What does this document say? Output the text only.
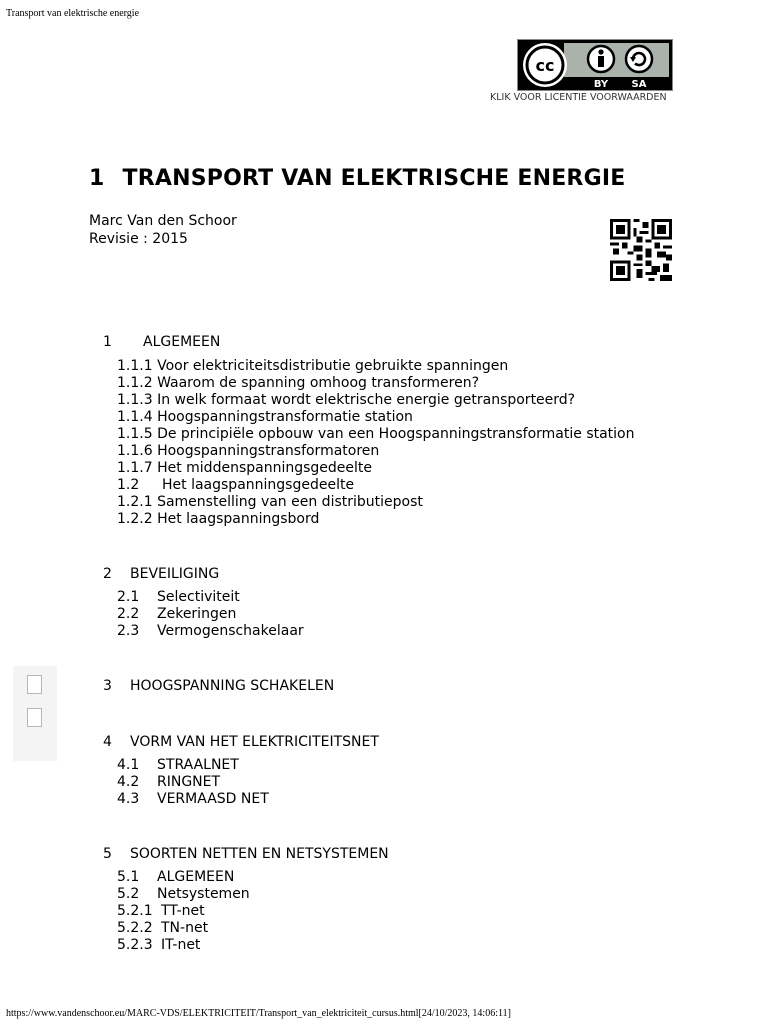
Transport van elektrische energie
cc
BY SA
KLIK VOOR LICENTIE VOORWAARDEN
1 TRANSPORT VAN ELEKTRISCHE ENERGIE
Marc Van den Schoor
Revisie : 2015
1 ALGEMEEN
1.1.1 Voor elektriciteitsdistributie gebruikte spanningen
1.1.2 Waarom de spanning omhoog transformeren?
1.1.3 In welk formaat wordt elektrische energie getransporteerd?
1.1.4 Hoogspanningstransformatie station
1.1.5 De principiële opbouw van een Hoogspanningstransformatie station
1.1.6 Hoogspanningstransformatoren
1.1.7 Het middenspanningsgedeelte
1.2 Het laagspanningsgedeelte
1.2.1 Samenstelling van een distributiepost
1.2.2 Het laagspanningsbord
2 BEVEILIGING
2.1 Selectiviteit
2.2 Zekeringen
2.3 Vermogenschakelaar
3 HOOGSPANNING SCHAKELEN
4 VORM VAN HET ELEKTRICITEITSNET
4.1 STRAALNET
4.2 RINGNET
4.3 VERMAASD NET
5 SOORTEN NETTEN EN NETSYSTEMEN
5.1 ALGEMEEN
5.2 Netsystemen
5.2.1 TT-net
5.2.2 TN-net
5.2.3 IT-net
https://www.vandenschoor.eu/MARC-VDS/ELEKTRICITEIT/Transport_van_elektriciteit_cursus.html[24/10/2023, 14:06:11]
